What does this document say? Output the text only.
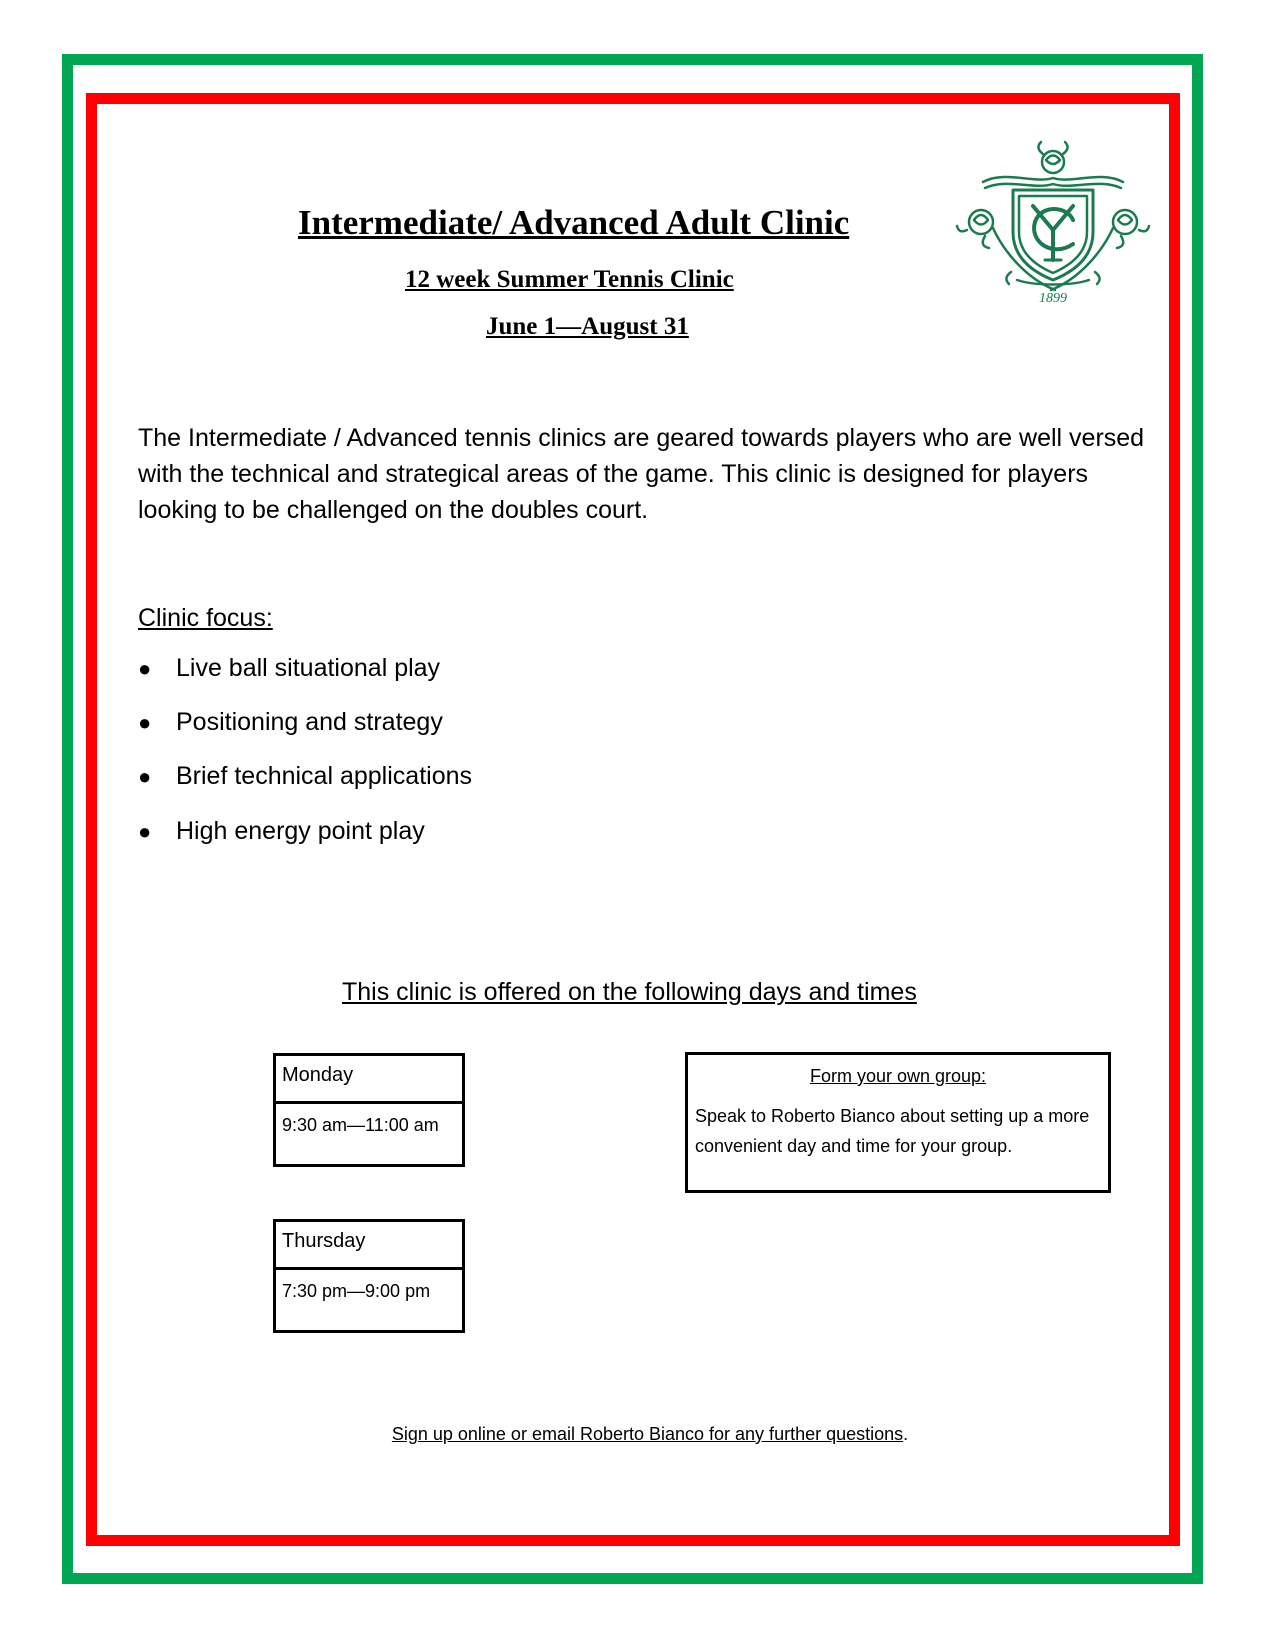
Intermediate/ Advanced Adult Clinic
12 week Summer Tennis Clinic
June 1—August 31
1899

The Intermediate / Advanced tennis clinics are geared towards players who are well versed with the technical and strategical areas of the game. This clinic is designed for players looking to be challenged on the doubles court.

Clinic focus:
● Live ball situational play
● Positioning and strategy
● Brief technical applications
● High energy point play
This clinic is offered on the following days and times
Monday
9:30 am—11:00 am
Thursday
7:30 pm—9:00 pm
Form your own group:
Speak to Roberto Bianco about setting up a more convenient day and time for your group.
Sign up online or email Roberto Bianco for any further questions.
